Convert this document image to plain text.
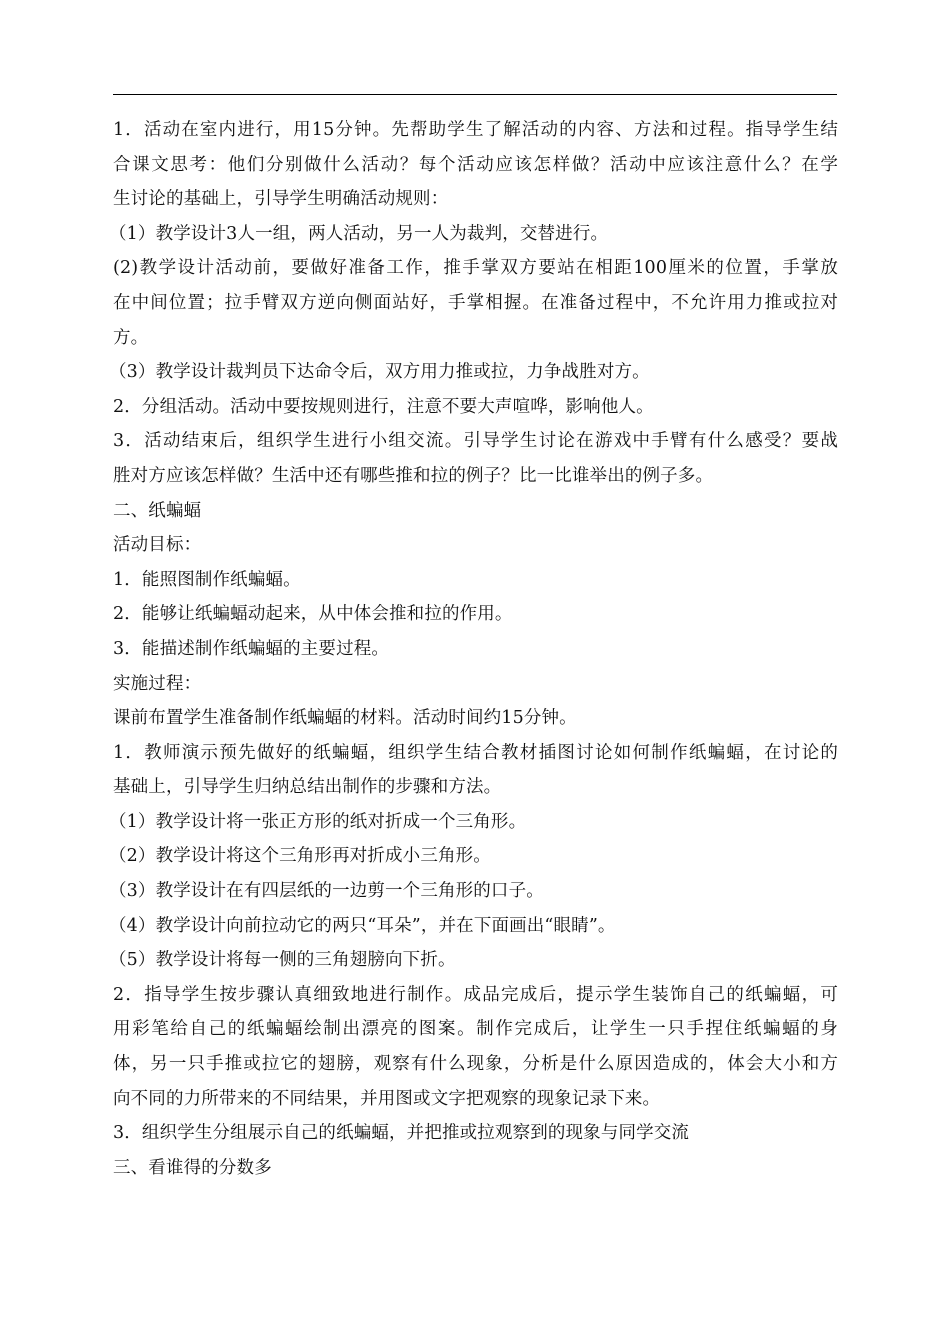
1．活动在室内进行，用15分钟。先帮助学生了解活动的内容、方法和过程。指导学生结
合课文思考：他们分别做什么活动？每个活动应该怎样做？活动中应该注意什么？在学
生讨论的基础上，引导学生明确活动规则：
（1）教学设计3人一组，两人活动，另一人为裁判，交替进行。
(2)教学设计活动前，要做好准备工作，推手掌双方要站在相距100厘米的位置，手掌放
在中间位置；拉手臂双方逆向侧面站好，手掌相握。在准备过程中，不允许用力推或拉对
方。
（3）教学设计裁判员下达命令后，双方用力推或拉，力争战胜对方。
2．分组活动。活动中要按规则进行，注意不要大声喧哗，影响他人。
3．活动结束后，组织学生进行小组交流。引导学生讨论在游戏中手臂有什么感受？要战
胜对方应该怎样做？生活中还有哪些推和拉的例子？比一比谁举出的例子多。
二、纸蝙蝠
活动目标：
1．能照图制作纸蝙蝠。
2．能够让纸蝙蝠动起来，从中体会推和拉的作用。
3．能描述制作纸蝙蝠的主要过程。
实施过程：
课前布置学生准备制作纸蝙蝠的材料。活动时间约15分钟。
1．教师演示预先做好的纸蝙蝠，组织学生结合教材插图讨论如何制作纸蝙蝠，在讨论的
基础上，引导学生归纳总结出制作的步骤和方法。
（1）教学设计将一张正方形的纸对折成一个三角形。
（2）教学设计将这个三角形再对折成小三角形。
（3）教学设计在有四层纸的一边剪一个三角形的口子。
（4）教学设计向前拉动它的两只“耳朵”，并在下面画出“眼睛”。
（5）教学设计将每一侧的三角翅膀向下折。
2．指导学生按步骤认真细致地进行制作。成品完成后，提示学生装饰自己的纸蝙蝠，可
用彩笔给自己的纸蝙蝠绘制出漂亮的图案。制作完成后，让学生一只手捏住纸蝙蝠的身
体，另一只手推或拉它的翅膀，观察有什么现象，分析是什么原因造成的，体会大小和方
向不同的力所带来的不同结果，并用图或文字把观察的现象记录下来。
3．组织学生分组展示自己的纸蝙蝠，并把推或拉观察到的现象与同学交流
三、看谁得的分数多
